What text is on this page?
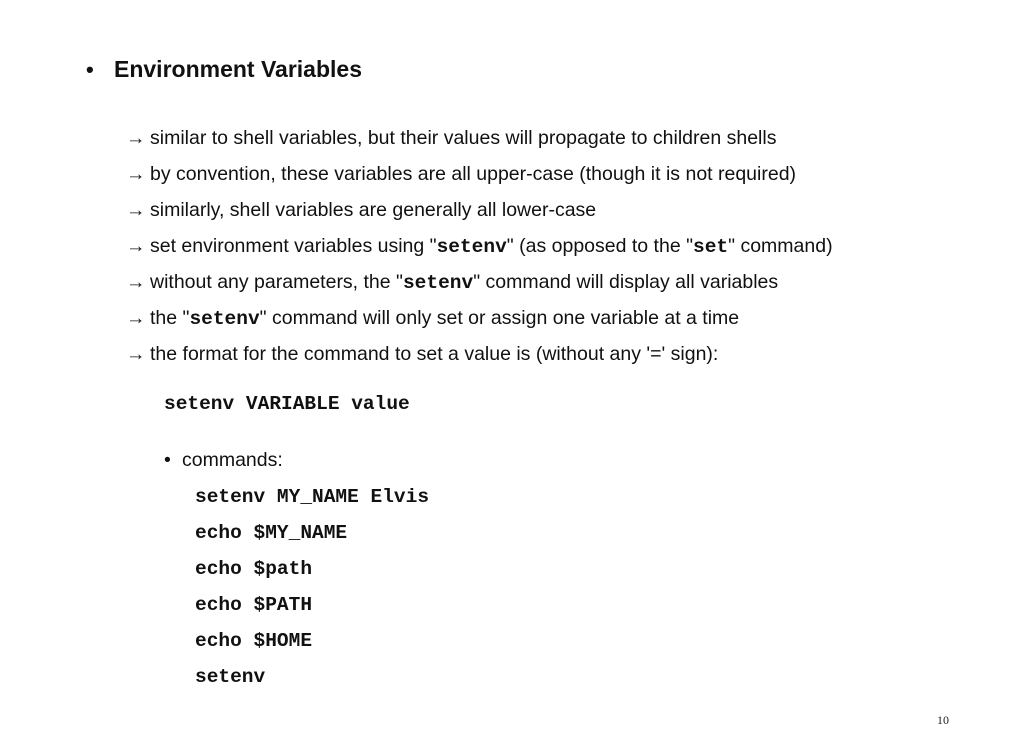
• Environment Variables
→ similar to shell variables, but their values will propagate to children shells
→ by convention, these variables are all upper-case (though it is not required)
→ similarly, shell variables are generally all lower-case
→ set environment variables using "setenv" (as opposed to the "set" command)
→ without any parameters, the "setenv" command will display all variables
→ the "setenv" command will only set or assign one variable at a time
→ the format for the command to set a value is (without any '=' sign):
setenv VARIABLE value
• commands:
setenv MY_NAME Elvis
echo $MY_NAME
echo $path
echo $PATH
echo $HOME
setenv
10
